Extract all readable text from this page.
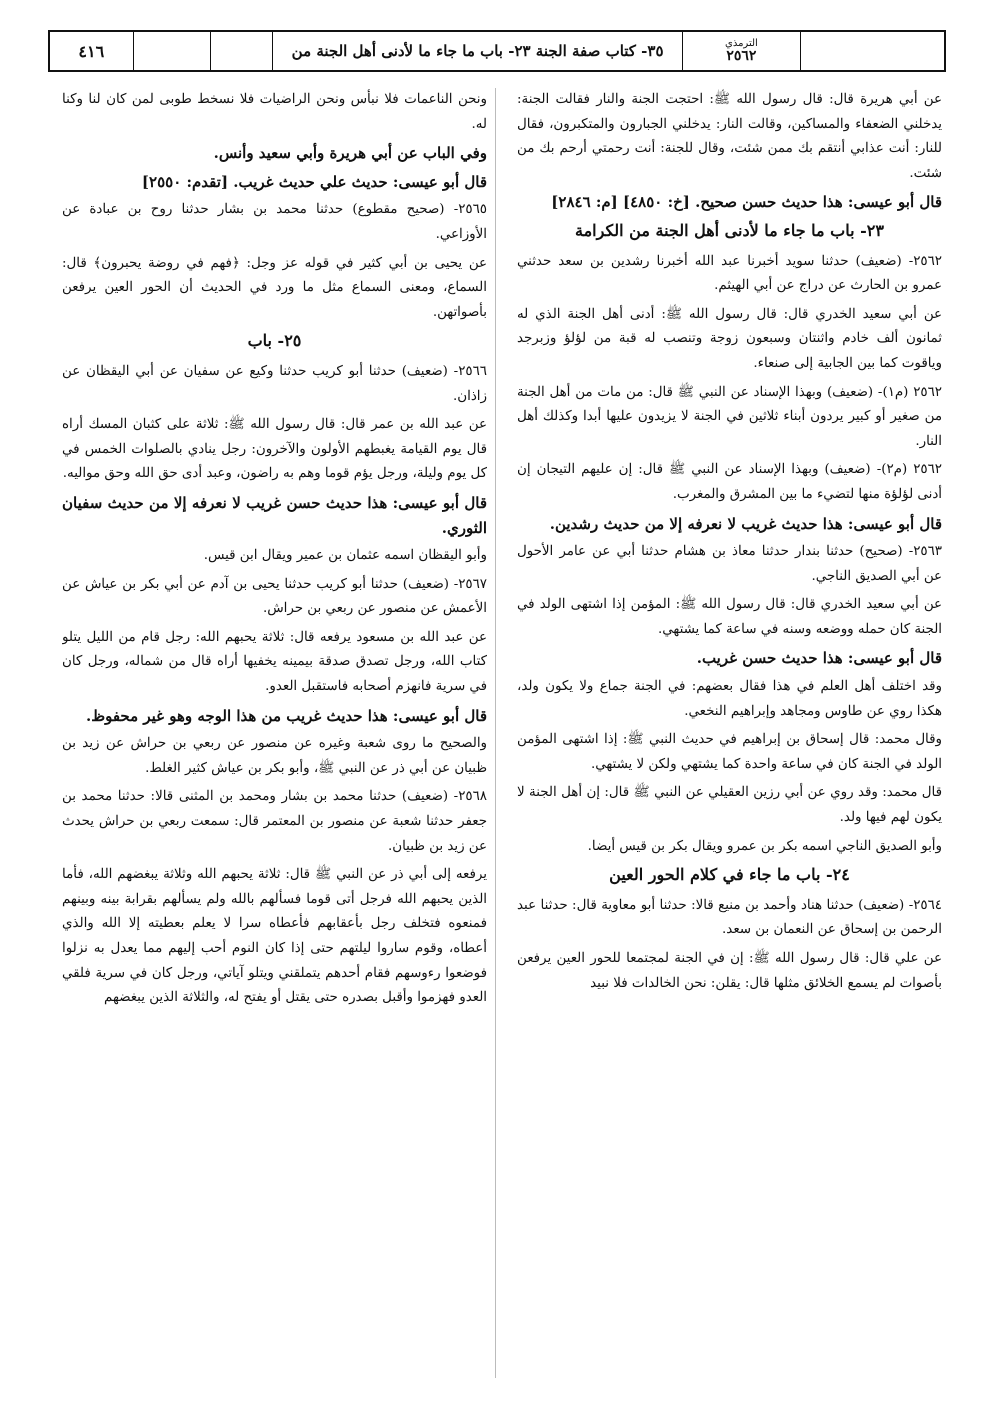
٤١٦	٣٥- كتاب صفة الجنة ٢٣- باب ما جاء ما لأدنى أهل الجنة من	الترمذي
٢٥٦٢

عن أبي هريرة قال: قال رسول الله ﷺ: احتجت الجنة والنار فقالت الجنة: يدخلني الضعفاء والمساكين، وقالت النار: يدخلني الجبارون والمتكبرون، فقال للنار: أنت عذابي أنتقم بك ممن شئت، وقال للجنة: أنت رحمتي أرحم بك من شئت.

قال أبو عيسى: هذا حديث حسن صحيح. [خ: ٤٨٥٠] [م: ٢٨٤٦]

٢٣- باب ما جاء ما لأدنى أهل الجنة من الكرامة

٢٥٦٢- (ضعيف) حدثنا سويد أخبرنا عبد الله أخبرنا رشدين بن سعد حدثني عمرو بن الحارث عن دراج عن أبي الهيثم.

عن أبي سعيد الخدري قال: قال رسول الله ﷺ: أدنى أهل الجنة الذي له ثمانون ألف خادم واثنتان وسبعون زوجة وتنصب له قبة من لؤلؤ وزبرجد وياقوت كما بين الجابية إلى صنعاء.

٢٥٦٢ (م١)- (ضعيف) وبهذا الإسناد عن النبي ﷺ قال: من مات من أهل الجنة من صغير أو كبير يردون أبناء ثلاثين في الجنة لا يزيدون عليها أبدا وكذلك أهل النار.

٢٥٦٢ (م٢)- (ضعيف) وبهذا الإسناد عن النبي ﷺ قال: إن عليهم التيجان إن أدنى لؤلؤة منها لتضيء ما بين المشرق والمغرب.

قال أبو عيسى: هذا حديث غريب لا نعرفه إلا من حديث رشدين.

٢٥٦٣- (صحيح) حدثنا بندار حدثنا معاذ بن هشام حدثنا أبي عن عامر الأحول عن أبي الصديق الناجي.

عن أبي سعيد الخدري قال: قال رسول الله ﷺ: المؤمن إذا اشتهى الولد في الجنة كان حمله ووضعه وسنه في ساعة كما يشتهي.

قال أبو عيسى: هذا حديث حسن غريب.

وقد اختلف أهل العلم في هذا فقال بعضهم: في الجنة جماع ولا يكون ولد، هكذا روي عن طاوس ومجاهد وإبراهيم النخعي.

وقال محمد: قال إسحاق بن إبراهيم في حديث النبي ﷺ: إذا اشتهى المؤمن الولد في الجنة كان في ساعة واحدة كما يشتهي ولكن لا يشتهي.

قال محمد: وقد روي عن أبي رزين العقيلي عن النبي ﷺ قال: إن أهل الجنة لا يكون لهم فيها ولد.

وأبو الصديق الناجي اسمه بكر بن عمرو ويقال بكر بن قيس أيضا.

٢٤- باب ما جاء في كلام الحور العين

٢٥٦٤- (ضعيف) حدثنا هناد وأحمد بن منيع قالا: حدثنا أبو معاوية قال: حدثنا عبد الرحمن بن إسحاق عن النعمان بن سعد.

عن علي قال: قال رسول الله ﷺ: إن في الجنة لمجتمعا للحور العين يرفعن بأصوات لم يسمع الخلائق مثلها قال: يقلن: نحن الخالدات فلا نبيد

ونحن الناعمات فلا نبأس ونحن الراضيات فلا نسخط طوبى لمن كان لنا وكنا له.

وفي الباب عن أبي هريرة وأبي سعيد وأنس.

قال أبو عيسى: حديث علي حديث غريب. [تقدم: ٢٥٥٠]

٢٥٦٥- (صحيح مقطوع) حدثنا محمد بن بشار حدثنا روح بن عبادة عن الأوزاعي.

عن يحيى بن أبي كثير في قوله عز وجل: ﴿فهم في روضة يحبرون﴾ قال: السماع، ومعنى السماع مثل ما ورد في الحديث أن الحور العين يرفعن بأصواتهن.

٢٥- باب

٢٥٦٦- (ضعيف) حدثنا أبو كريب حدثنا وكيع عن سفيان عن أبي اليقظان عن زاذان.

عن عبد الله بن عمر قال: قال رسول الله ﷺ: ثلاثة على كثبان المسك أراه قال يوم القيامة يغبطهم الأولون والآخرون: رجل ينادي بالصلوات الخمس في كل يوم وليلة، ورجل يؤم قوما وهم به راضون، وعبد أدى حق الله وحق مواليه.

قال أبو عيسى: هذا حديث حسن غريب لا نعرفه إلا من حديث سفيان الثوري.

وأبو اليقظان اسمه عثمان بن عمير ويقال ابن قيس.

٢٥٦٧- (ضعيف) حدثنا أبو كريب حدثنا يحيى بن آدم عن أبي بكر بن عياش عن الأعمش عن منصور عن ربعي بن حراش.

عن عبد الله بن مسعود يرفعه قال: ثلاثة يحبهم الله: رجل قام من الليل يتلو كتاب الله، ورجل تصدق صدقة بيمينه يخفيها أراه قال من شماله، ورجل كان في سرية فانهزم أصحابه فاستقبل العدو.

قال أبو عيسى: هذا حديث غريب من هذا الوجه وهو غير محفوظ.

والصحيح ما روى شعبة وغيره عن منصور عن ربعي بن حراش عن زيد بن ظبيان عن أبي ذر عن النبي ﷺ، وأبو بكر بن عياش كثير الغلط.

٢٥٦٨- (ضعيف) حدثنا محمد بن بشار ومحمد بن المثنى قالا: حدثنا محمد بن جعفر حدثنا شعبة عن منصور بن المعتمر قال: سمعت ربعي بن حراش يحدث عن زيد بن ظبيان.

يرفعه إلى أبي ذر عن النبي ﷺ قال: ثلاثة يحبهم الله وثلاثة يبغضهم الله، فأما الذين يحبهم الله فرجل أتى قوما فسألهم بالله ولم يسألهم بقرابة بينه وبينهم فمنعوه فتخلف رجل بأعقابهم فأعطاه سرا لا يعلم بعطيته إلا الله والذي أعطاه، وقوم ساروا ليلتهم حتى إذا كان النوم أحب إليهم مما يعدل به نزلوا فوضعوا رءوسهم فقام أحدهم يتملقني ويتلو آياتي، ورجل كان في سرية فلقي العدو فهزموا وأقبل بصدره حتى يقتل أو يفتح له، والثلاثة الذين يبغضهم
